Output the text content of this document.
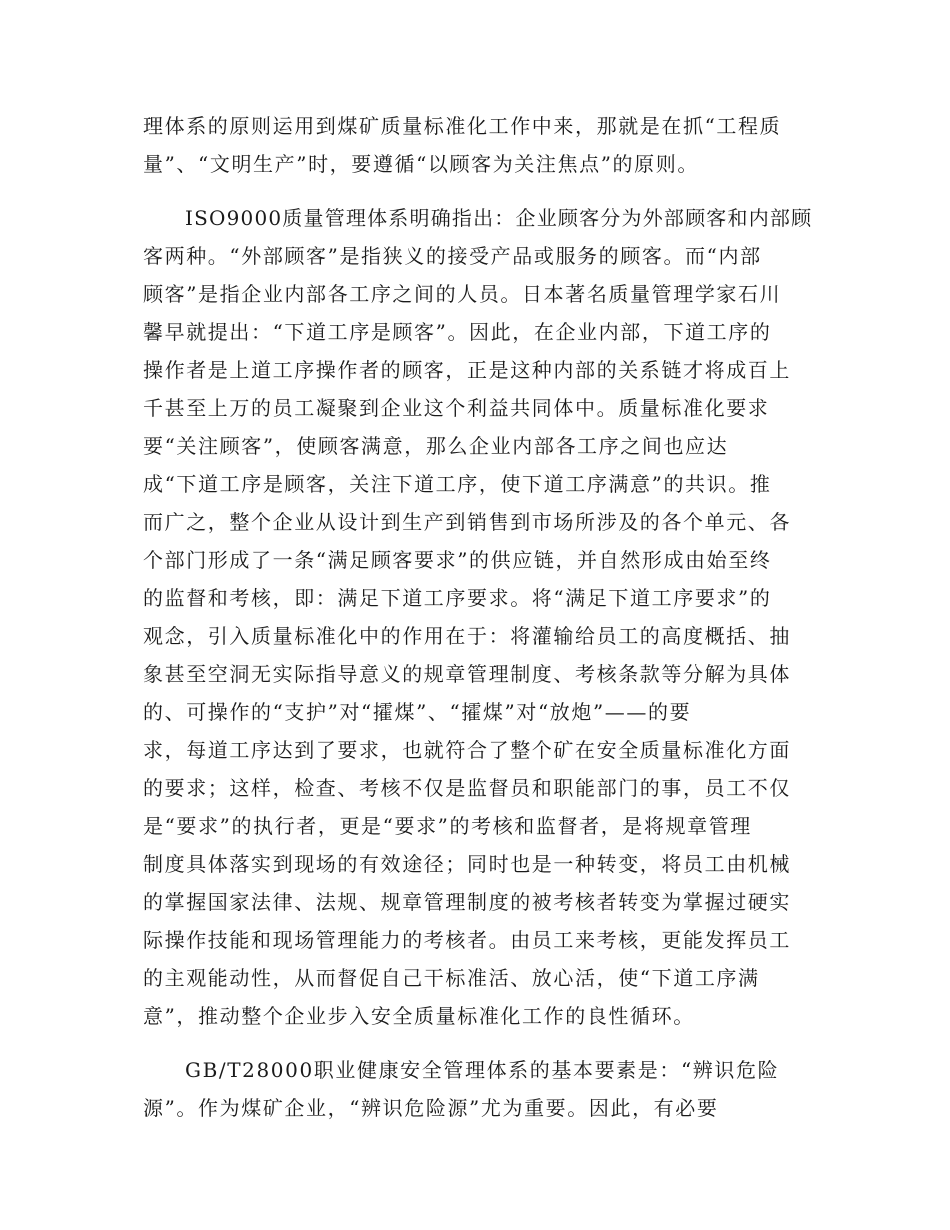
理体系的原则运用到煤矿质量标准化工作中来，那就是在抓“工程质
量”、“文明生产”时，要遵循“以顾客为关注焦点”的原则。
ISO9000质量管理体系明确指出：企业顾客分为外部顾客和内部顾
客两种。“外部顾客”是指狭义的接受产品或服务的顾客。而“内部
顾客”是指企业内部各工序之间的人员。日本著名质量管理学家石川
馨早就提出：“下道工序是顾客”。因此，在企业内部，下道工序的
操作者是上道工序操作者的顾客，正是这种内部的关系链才将成百上
千甚至上万的员工凝聚到企业这个利益共同体中。质量标准化要求
要“关注顾客”，使顾客满意，那么企业内部各工序之间也应达
成“下道工序是顾客，关注下道工序，使下道工序满意”的共识。推
而广之，整个企业从设计到生产到销售到市场所涉及的各个单元、各
个部门形成了一条“满足顾客要求”的供应链，并自然形成由始至终
的监督和考核，即：满足下道工序要求。将“满足下道工序要求”的
观念，引入质量标准化中的作用在于：将灌输给员工的高度概括、抽
象甚至空洞无实际指导意义的规章管理制度、考核条款等分解为具体
的、可操作的“支护”对“攉煤”、“攉煤”对“放炮”——的要
求，每道工序达到了要求，也就符合了整个矿在安全质量标准化方面
的要求；这样，检查、考核不仅是监督员和职能部门的事，员工不仅
是“要求”的执行者，更是“要求”的考核和监督者，是将规章管理
制度具体落实到现场的有效途径；同时也是一种转变，将员工由机械
的掌握国家法律、法规、规章管理制度的被考核者转变为掌握过硬实
际操作技能和现场管理能力的考核者。由员工来考核，更能发挥员工
的主观能动性，从而督促自己干标准活、放心活，使“下道工序满
意”，推动整个企业步入安全质量标准化工作的良性循环。
GB/T28000职业健康安全管理体系的基本要素是：“辨识危险
源”。作为煤矿企业，“辨识危险源”尤为重要。因此，有必要
